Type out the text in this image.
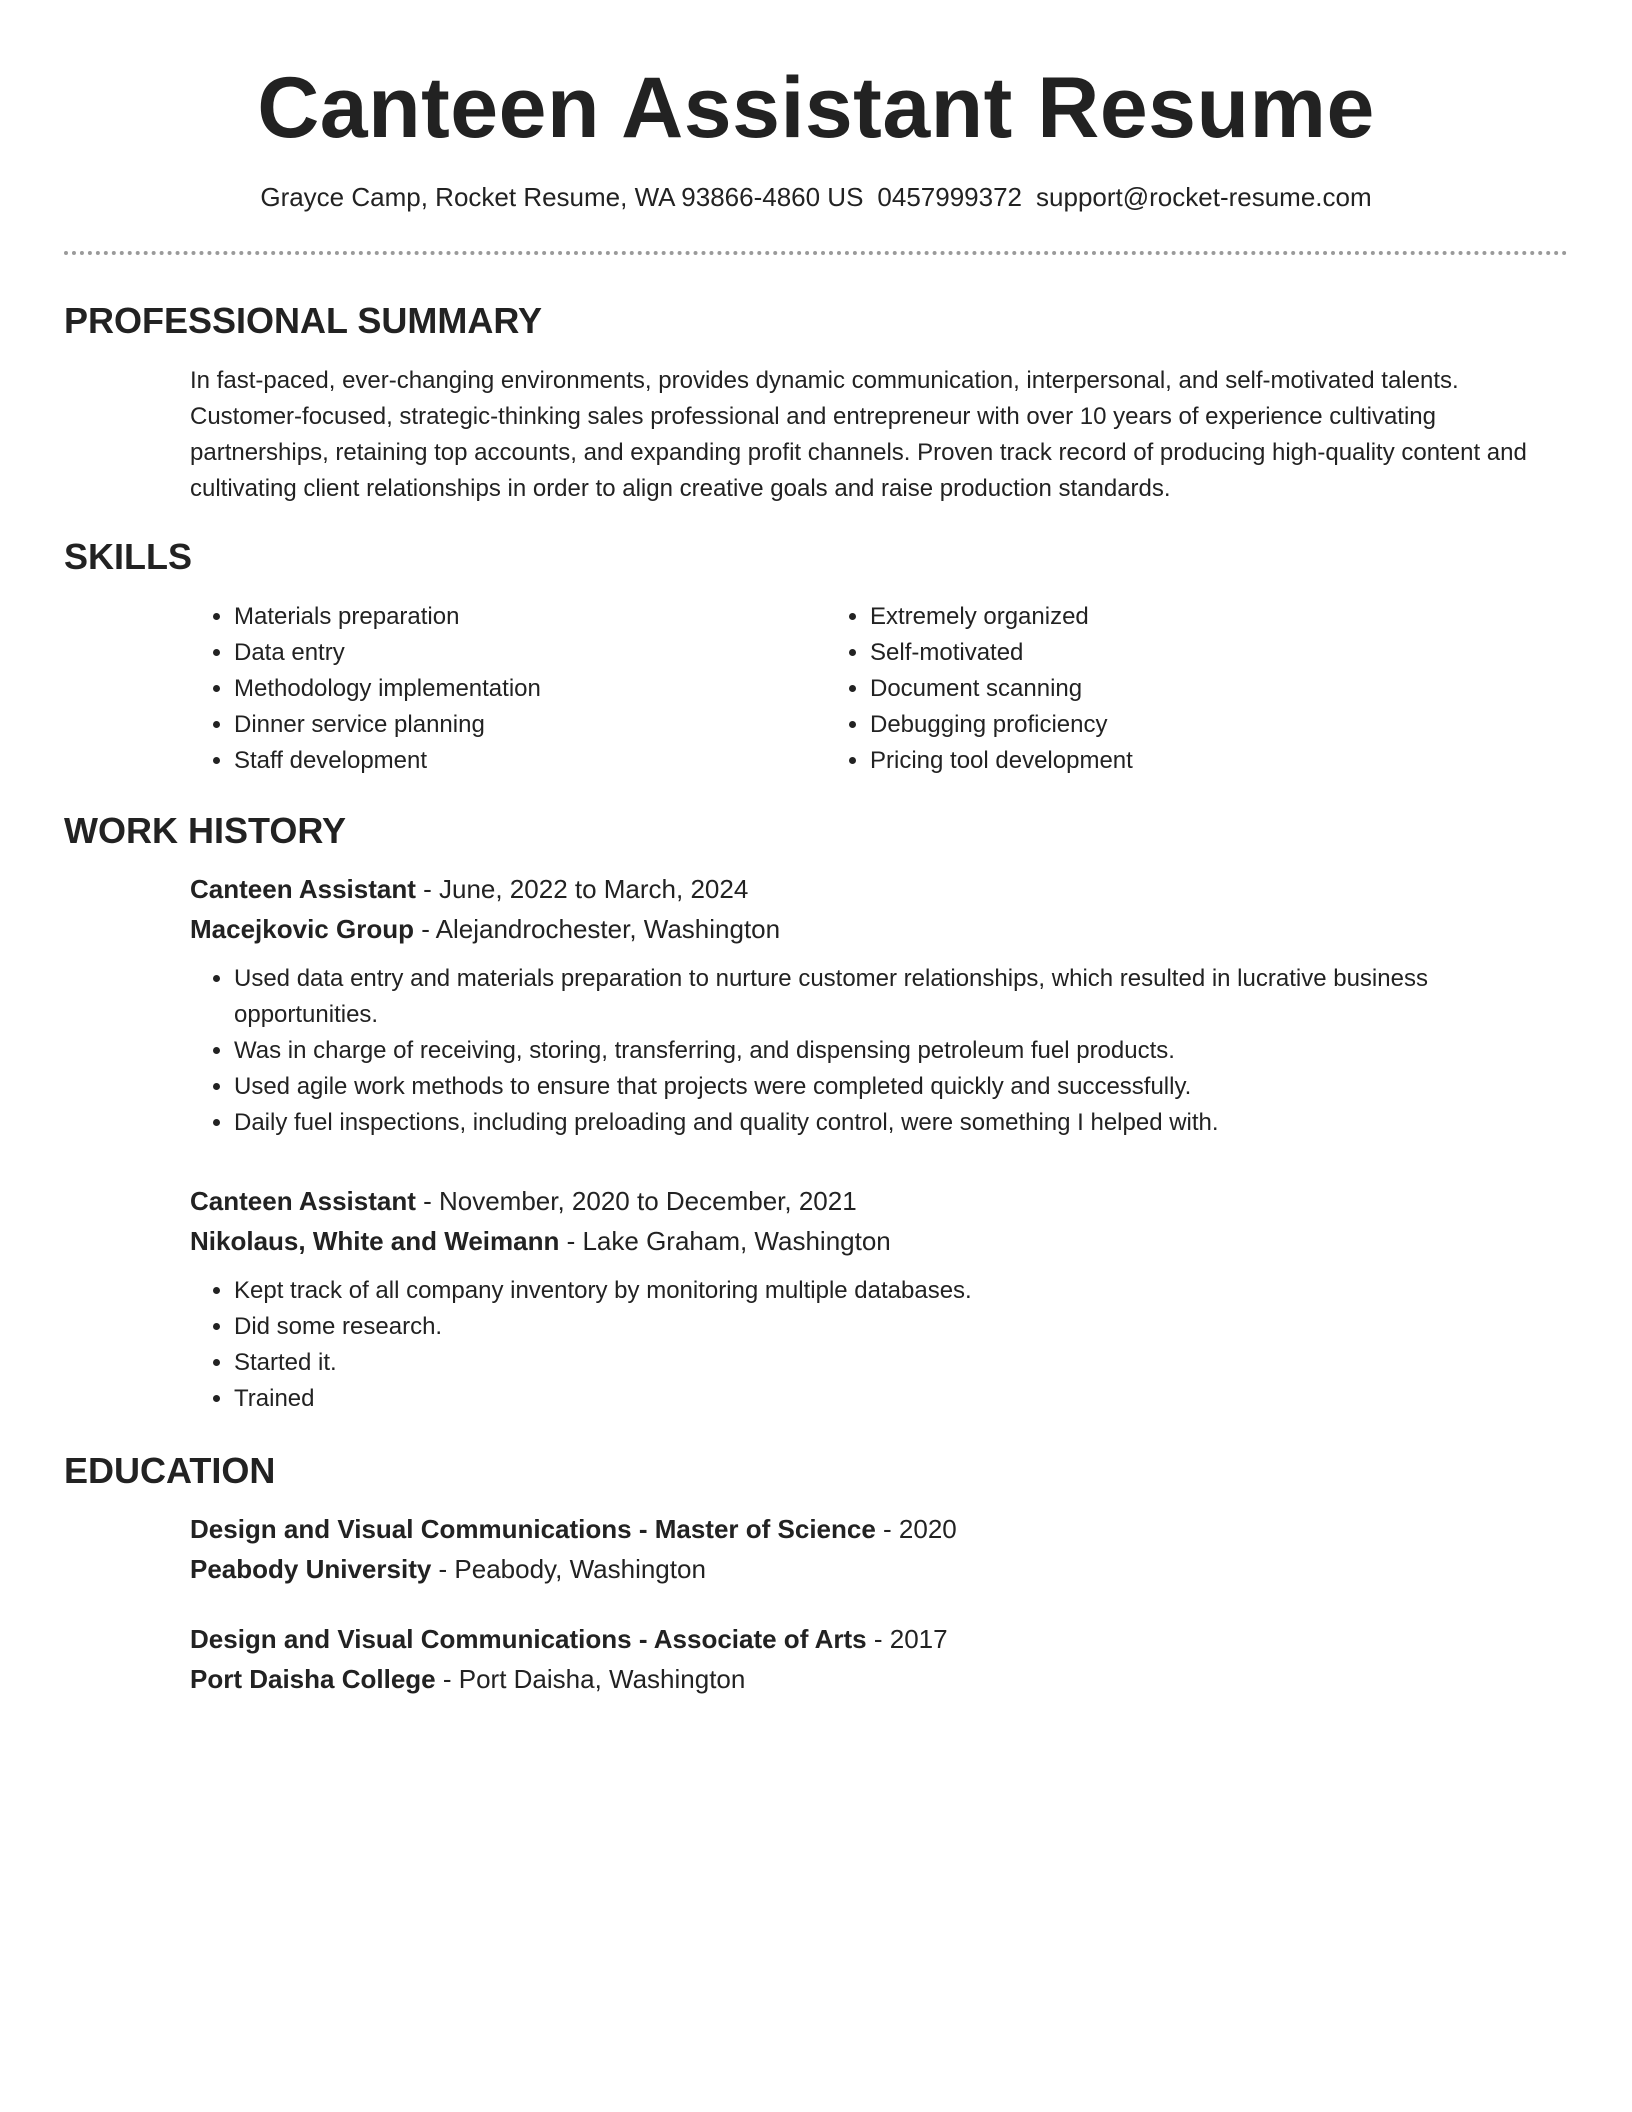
Canteen Assistant Resume
Grayce Camp, Rocket Resume, WA 93866-4860 US 0457999372 support@rocket-resume.com
PROFESSIONAL SUMMARY

In fast-paced, ever-changing environments, provides dynamic communication, interpersonal, and self-motivated talents. Customer-focused, strategic-thinking sales professional and entrepreneur with over 10 years of experience cultivating partnerships, retaining top accounts, and expanding profit channels. Proven track record of producing high-quality content and cultivating client relationships in order to align creative goals and raise production standards.

SKILLS
• Materials preparation
• Data entry
• Methodology implementation
• Dinner service planning
• Staff development
• Extremely organized
• Self-motivated
• Document scanning
• Debugging proficiency
• Pricing tool development
WORK HISTORY
Canteen Assistant - June, 2022 to March, 2024
Macejkovic Group - Alejandrochester, Washington
• Used data entry and materials preparation to nurture customer relationships, which resulted in lucrative business opportunities.
• Was in charge of receiving, storing, transferring, and dispensing petroleum fuel products.
• Used agile work methods to ensure that projects were completed quickly and successfully.
• Daily fuel inspections, including preloading and quality control, were something I helped with.
Canteen Assistant - November, 2020 to December, 2021
Nikolaus, White and Weimann - Lake Graham, Washington
• Kept track of all company inventory by monitoring multiple databases.
• Did some research.
• Started it.
• Trained
EDUCATION
Design and Visual Communications - Master of Science - 2020
Peabody University - Peabody, Washington
Design and Visual Communications - Associate of Arts - 2017
Port Daisha College - Port Daisha, Washington
